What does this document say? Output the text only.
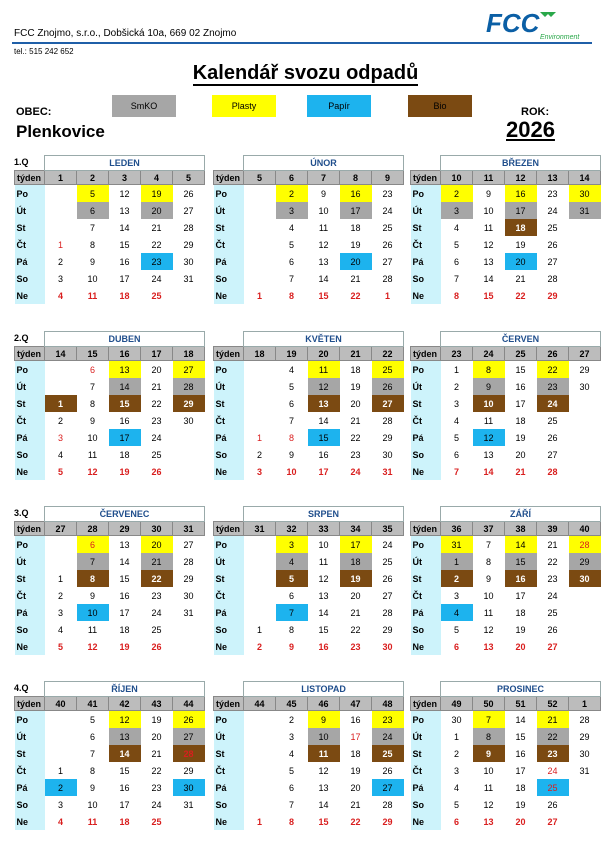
FCC Znojmo, s.r.o., Dobšická 10a, 669 02 Znojmo
tel.: 515 242 652
FCC Environment
Kalendář svozu odpadů
OBEC:
Plenkovice
ROK:
2026
SmKO	Plasty	Papír	Bio
1.Q
2.Q
3.Q
4.Q
	LEDEN				
týden	1	2	3	4	5
Po		5	12	19	26
Út		6	13	20	27
St		7	14	21	28
Čt	1	8	15	22	29
Pá	2	9	16	23	30
So	3	10	17	24	31
Ne	4	11	18	25	
	ÚNOR				
týden	5	6	7	8	9
Po		2	9	16	23
Út		3	10	17	24
St		4	11	18	25
Čt		5	12	19	26
Pá		6	13	20	27
So		7	14	21	28
Ne	1	8	15	22	1
	BŘEZEN				
týden	10	11	12	13	14
Po	2	9	16	23	30
Út	3	10	17	24	31
St	4	11	18	25	
Čt	5	12	19	26	
Pá	6	13	20	27	
So	7	14	21	28	
Ne	8	15	22	29	
	DUBEN				
týden	14	15	16	17	18
Po		6	13	20	27
Út		7	14	21	28
St	1	8	15	22	29
Čt	2	9	16	23	30
Pá	3	10	17	24	
So	4	11	18	25	
Ne	5	12	19	26	
	KVĚTEN				
týden	18	19	20	21	22
Po		4	11	18	25
Út		5	12	19	26
St		6	13	20	27
Čt		7	14	21	28
Pá	1	8	15	22	29
So	2	9	16	23	30
Ne	3	10	17	24	31
	ČERVEN				
týden	23	24	25	26	27
Po	1	8	15	22	29
Út	2	9	16	23	30
St	3	10	17	24	
Čt	4	11	18	25	
Pá	5	12	19	26	
So	6	13	20	27	
Ne	7	14	21	28	
	ČERVENEC				
týden	27	28	29	30	31
Po		6	13	20	27
Út		7	14	21	28
St	1	8	15	22	29
Čt	2	9	16	23	30
Pá	3	10	17	24	31
So	4	11	18	25	
Ne	5	12	19	26	
	SRPEN				
týden	31	32	33	34	35
Po		3	10	17	24
Út		4	11	18	25
St		5	12	19	26
Čt		6	13	20	27
Pá		7	14	21	28
So	1	8	15	22	29
Ne	2	9	16	23	30
	ZÁŘÍ				
týden	36	37	38	39	40
Po	31	7	14	21	28
Út	1	8	15	22	29
St	2	9	16	23	30
Čt	3	10	17	24	
Pá	4	11	18	25	
So	5	12	19	26	
Ne	6	13	20	27	
	ŘÍJEN				
týden	40	41	42	43	44
Po		5	12	19	26
Út		6	13	20	27
St		7	14	21	28
Čt	1	8	15	22	29
Pá	2	9	16	23	30
So	3	10	17	24	31
Ne	4	11	18	25	
	LISTOPAD				
týden	44	45	46	47	48
Po		2	9	16	23
Út		3	10	17	24
St		4	11	18	25
Čt		5	12	19	26
Pá		6	13	20	27
So		7	14	21	28
Ne	1	8	15	22	29
	PROSINEC				
týden	49	50	51	52	1
Po	30	7	14	21	28
Út	1	8	15	22	29
St	2	9	16	23	30
Čt	3	10	17	24	31
Pá	4	11	18	25	
So	5	12	19	26	
Ne	6	13	20	27	
